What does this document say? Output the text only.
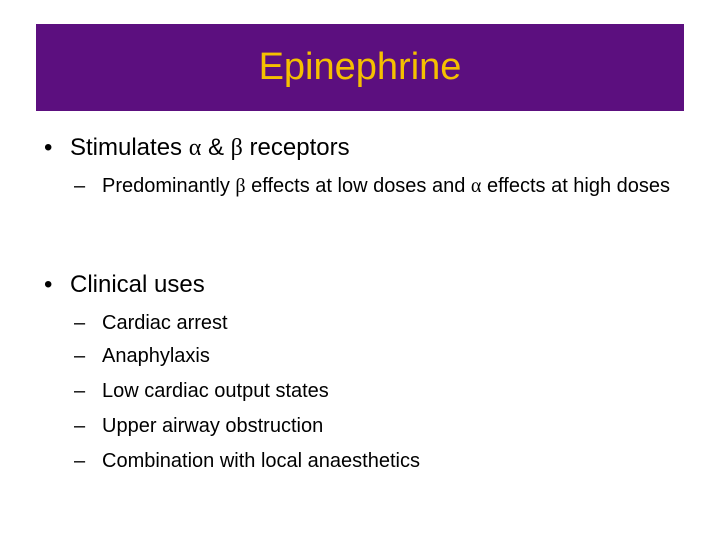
Epinephrine
• Stimulates α & β receptors
– Predominantly β effects at low doses and α effects at high doses
• Clinical uses
– Cardiac arrest
– Anaphylaxis
– Low cardiac output states
– Upper airway obstruction
– Combination with local anaesthetics
